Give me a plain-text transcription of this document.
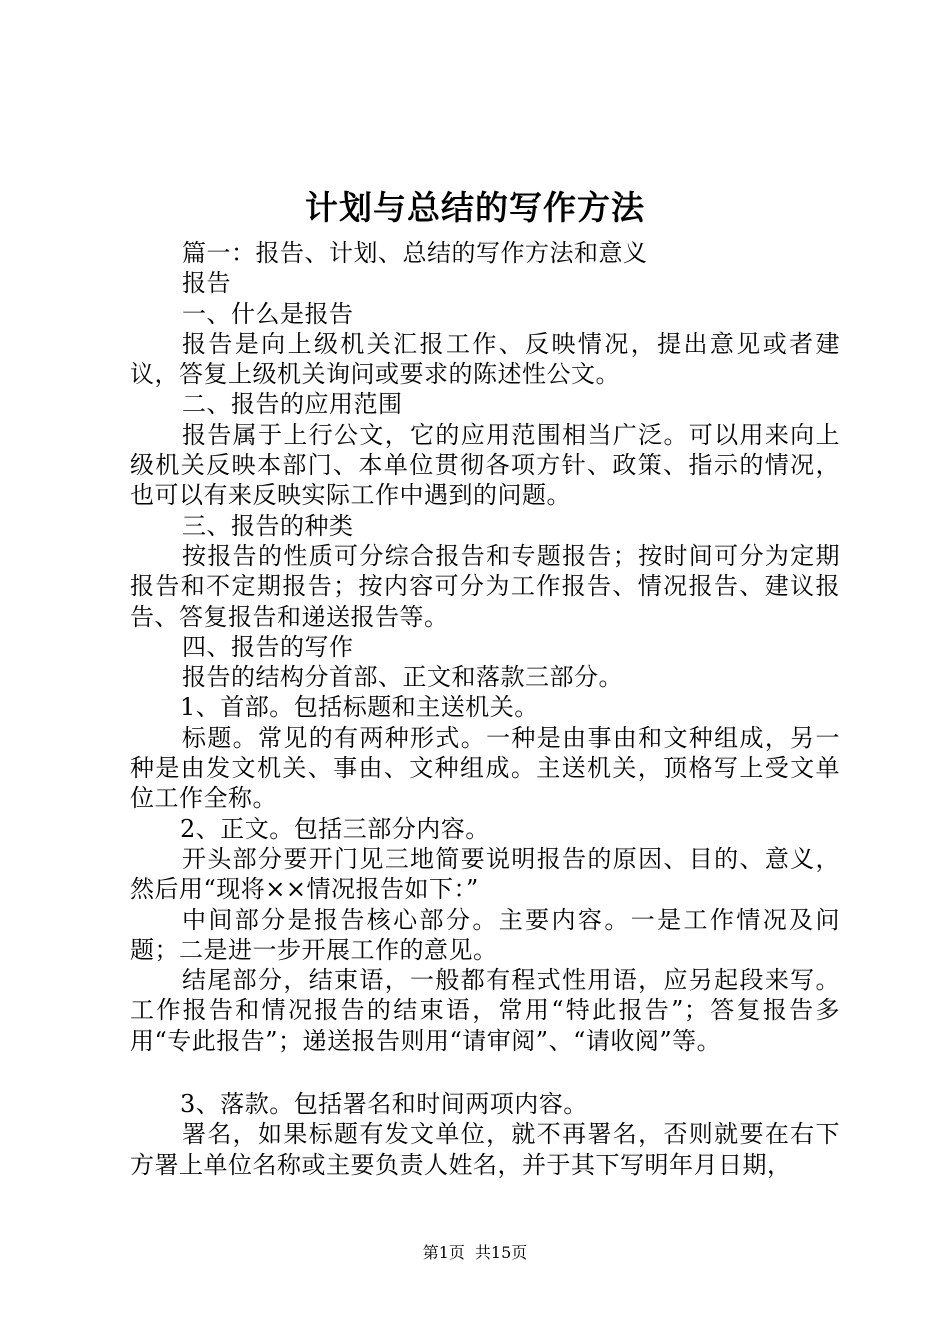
计划与总结的写作方法

篇一：报告、计划、总结的写作方法和意义

报告

一、什么是报告

报告是向上级机关汇报工作、反映情况，提出意见或者建议，答复上级机关询问或要求的陈述性公文。

二、报告的应用范围

报告属于上行公文，它的应用范围相当广泛。可以用来向上级机关反映本部门、本单位贯彻各项方针、政策、指示的情况，也可以有来反映实际工作中遇到的问题。

三、报告的种类

按报告的性质可分综合报告和专题报告；按时间可分为定期报告和不定期报告；按内容可分为工作报告、情况报告、建议报告、答复报告和递送报告等。

四、报告的写作

报告的结构分首部、正文和落款三部分。

1、首部。包括标题和主送机关。

标题。常见的有两种形式。一种是由事由和文种组成，另一种是由发文机关、事由、文种组成。主送机关，顶格写上受文单位工作全称。

2、正文。包括三部分内容。

开头部分要开门见三地简要说明报告的原因、目的、意义，然后用“现将××情况报告如下：”

中间部分是报告核心部分。主要内容。一是工作情况及问题；二是进一步开展工作的意见。

结尾部分，结束语，一般都有程式性用语，应另起段来写。工作报告和情况报告的结束语，常用“特此报告”；答复报告多用“专此报告”；递送报告则用“请审阅”、“请收阅”等。

3、落款。包括署名和时间两项内容。

署名，如果标题有发文单位，就不再署名，否则就要在右下方署上单位名称或主要负责人姓名，并于其下写明年月日期，

第1页 共15页
